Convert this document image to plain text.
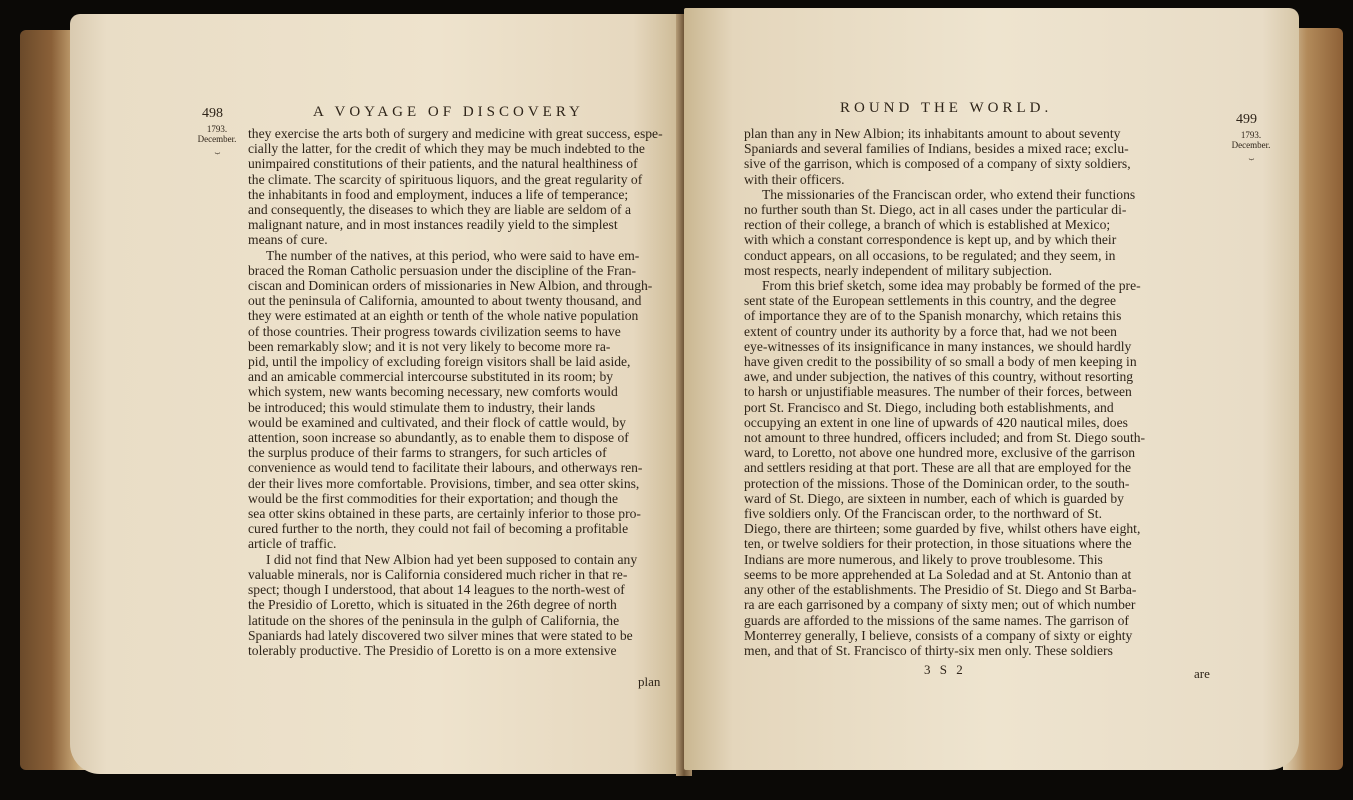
498	A VOYAGE OF DISCOVERY
1793.
December.
⏟
they exercise the arts both of surgery and medicine with great success, espe-
cially the latter, for the credit of which they may be much indebted to the
unimpaired constitutions of their patients, and the natural healthiness of
the climate. The scarcity of spirituous liquors, and the great regularity of
the inhabitants in food and employment, induces a life of temperance;
and consequently, the diseases to which they are liable are seldom of a
malignant nature, and in most instances readily yield to the simplest
means of cure.
The number of the natives, at this period, who were said to have em-
braced the Roman Catholic persuasion under the discipline of the Fran-
ciscan and Dominican orders of missionaries in New Albion, and through-
out the peninsula of California, amounted to about twenty thousand, and
they were estimated at an eighth or tenth of the whole native population
of those countries. Their progress towards civilization seems to have
been remarkably slow; and it is not very likely to become more ra-
pid, until the impolicy of excluding foreign visitors shall be laid aside,
and an amicable commercial intercourse substituted in its room; by
which system, new wants becoming necessary, new comforts would
be introduced; this would stimulate them to industry, their lands
would be examined and cultivated, and their flock of cattle would, by
attention, soon increase so abundantly, as to enable them to dispose of
the surplus produce of their farms to strangers, for such articles of
convenience as would tend to facilitate their labours, and otherways ren-
der their lives more comfortable. Provisions, timber, and sea otter skins,
would be the first commodities for their exportation; and though the
sea otter skins obtained in these parts, are certainly inferior to those pro-
cured further to the north, they could not fail of becoming a profitable
article of traffic.
I did not find that New Albion had yet been supposed to contain any
valuable minerals, nor is California considered much richer in that re-
spect; though I understood, that about 14 leagues to the north-west of
the Presidio of Loretto, which is situated in the 26th degree of north
latitude on the shores of the peninsula in the gulph of California, the
Spaniards had lately discovered two silver mines that were stated to be
tolerably productive. The Presidio of Loretto is on a more extensive
plan
ROUND THE WORLD.
499
1793.
December.
⏟
plan than any in New Albion; its inhabitants amount to about seventy
Spaniards and several families of Indians, besides a mixed race; exclu-
sive of the garrison, which is composed of a company of sixty soldiers,
with their officers.
The missionaries of the Franciscan order, who extend their functions
no further south than St. Diego, act in all cases under the particular di-
rection of their college, a branch of which is established at Mexico;
with which a constant correspondence is kept up, and by which their
conduct appears, on all occasions, to be regulated; and they seem, in
most respects, nearly independent of military subjection.
From this brief sketch, some idea may probably be formed of the pre-
sent state of the European settlements in this country, and the degree
of importance they are of to the Spanish monarchy, which retains this
extent of country under its authority by a force that, had we not been
eye-witnesses of its insignificance in many instances, we should hardly
have given credit to the possibility of so small a body of men keeping in
awe, and under subjection, the natives of this country, without resorting
to harsh or unjustifiable measures. The number of their forces, between
port St. Francisco and St. Diego, including both establishments, and
occupying an extent in one line of upwards of 420 nautical miles, does
not amount to three hundred, officers included; and from St. Diego south-
ward, to Loretto, not above one hundred more, exclusive of the garrison
and settlers residing at that port. These are all that are employed for the
protection of the missions. Those of the Dominican order, to the south-
ward of St. Diego, are sixteen in number, each of which is guarded by
five soldiers only. Of the Franciscan order, to the northward of St.
Diego, there are thirteen; some guarded by five, whilst others have eight,
ten, or twelve soldiers for their protection, in those situations where the
Indians are more numerous, and likely to prove troublesome. This
seems to be more apprehended at La Soledad and at St. Antonio than at
any other of the establishments. The Presidio of St. Diego and St Barba-
ra are each garrisoned by a company of sixty men; out of which number
guards are afforded to the missions of the same names. The garrison of
Monterrey generally, I believe, consists of a company of sixty or eighty
men, and that of St. Francisco of thirty-six men only. These soldiers
3 S 2	are
